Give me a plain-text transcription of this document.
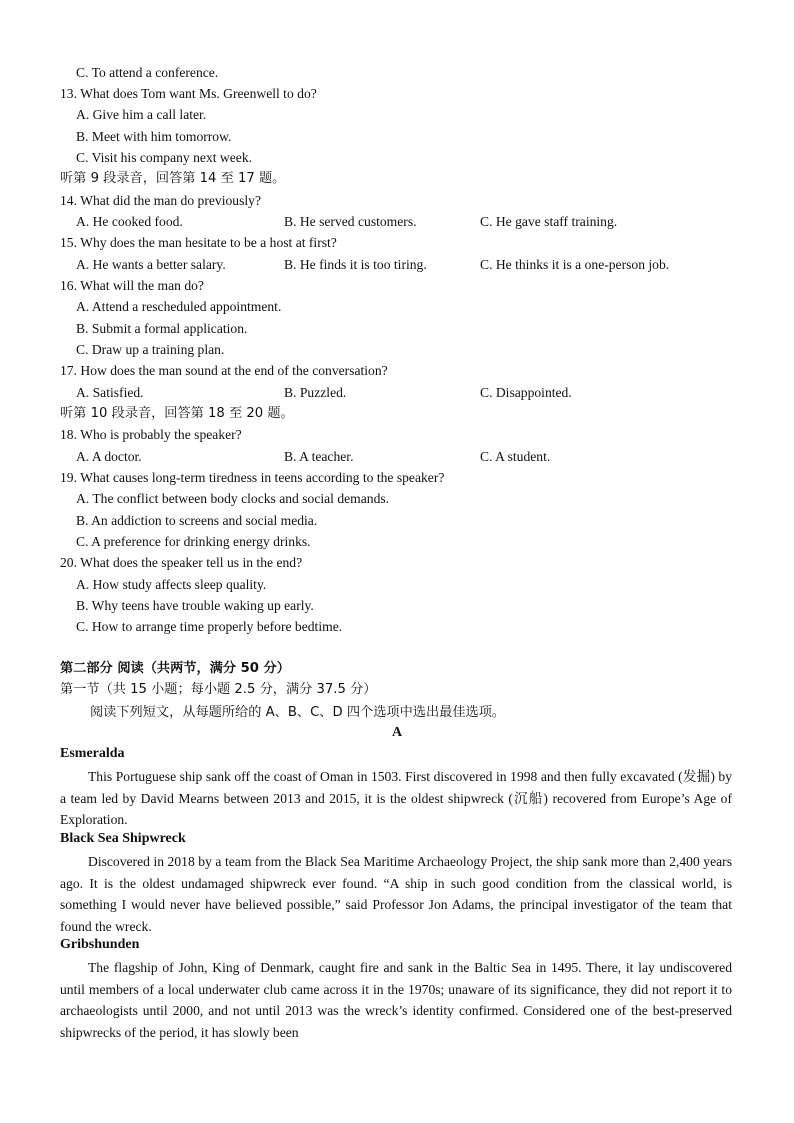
C. To attend a conference.
13. What does Tom want Ms. Greenwell to do?
A. Give him a call later.
B. Meet with him tomorrow.
C. Visit his company next week.
听第 9 段录音，回答第 14 至 17 题。
14. What did the man do previously?
A. He cooked food.	B. He served customers.	C. He gave staff training.
15. Why does the man hesitate to be a host at first?
A. He wants a better salary.	B. He finds it is too tiring.	C. He thinks it is a one-person job.
16. What will the man do?
A. Attend a rescheduled appointment.
B. Submit a formal application.
C. Draw up a training plan.
17. How does the man sound at the end of the conversation?
A. Satisfied.	B. Puzzled.	C. Disappointed.
听第 10 段录音，回答第 18 至 20 题。
18. Who is probably the speaker?
A. A doctor.	B. A teacher.	C. A student.
19. What causes long-term tiredness in teens according to the speaker?
A. The conflict between body clocks and social demands.
B. An addiction to screens and social media.
C. A preference for drinking energy drinks.
20. What does the speaker tell us in the end?
A. How study affects sleep quality.
B. Why teens have trouble waking up early.
C. How to arrange time properly before bedtime.
第二部分 阅读（共两节，满分 50 分）
第一节（共 15 小题；每小题 2.5 分，满分 37.5 分）
阅读下列短文，从每题所给的 A、B、C、D 四个选项中选出最佳选项。
A
Esmeralda
This Portuguese ship sank off the coast of Oman in 1503. First discovered in 1998 and then fully excavated (发掘) by a team led by David Mearns between 2013 and 2015, it is the oldest shipwreck (沉船) recovered from Europe’s Age of Exploration.
Black Sea Shipwreck
Discovered in 2018 by a team from the Black Sea Maritime Archaeology Project, the ship sank more than 2,400 years ago. It is the oldest undamaged shipwreck ever found. “A ship in such good condition from the classical world, is something I would never have believed possible,” said Professor Jon Adams, the principal investigator of the team that found the wreck.
Gribshunden
The flagship of John, King of Denmark, caught fire and sank in the Baltic Sea in 1495. There, it lay undiscovered until members of a local underwater club came across it in the 1970s; unaware of its significance, they did not report it to archaeologists until 2000, and not until 2013 was the wreck’s identity confirmed. Considered one of the best-preserved shipwrecks of the period, it has slowly been
